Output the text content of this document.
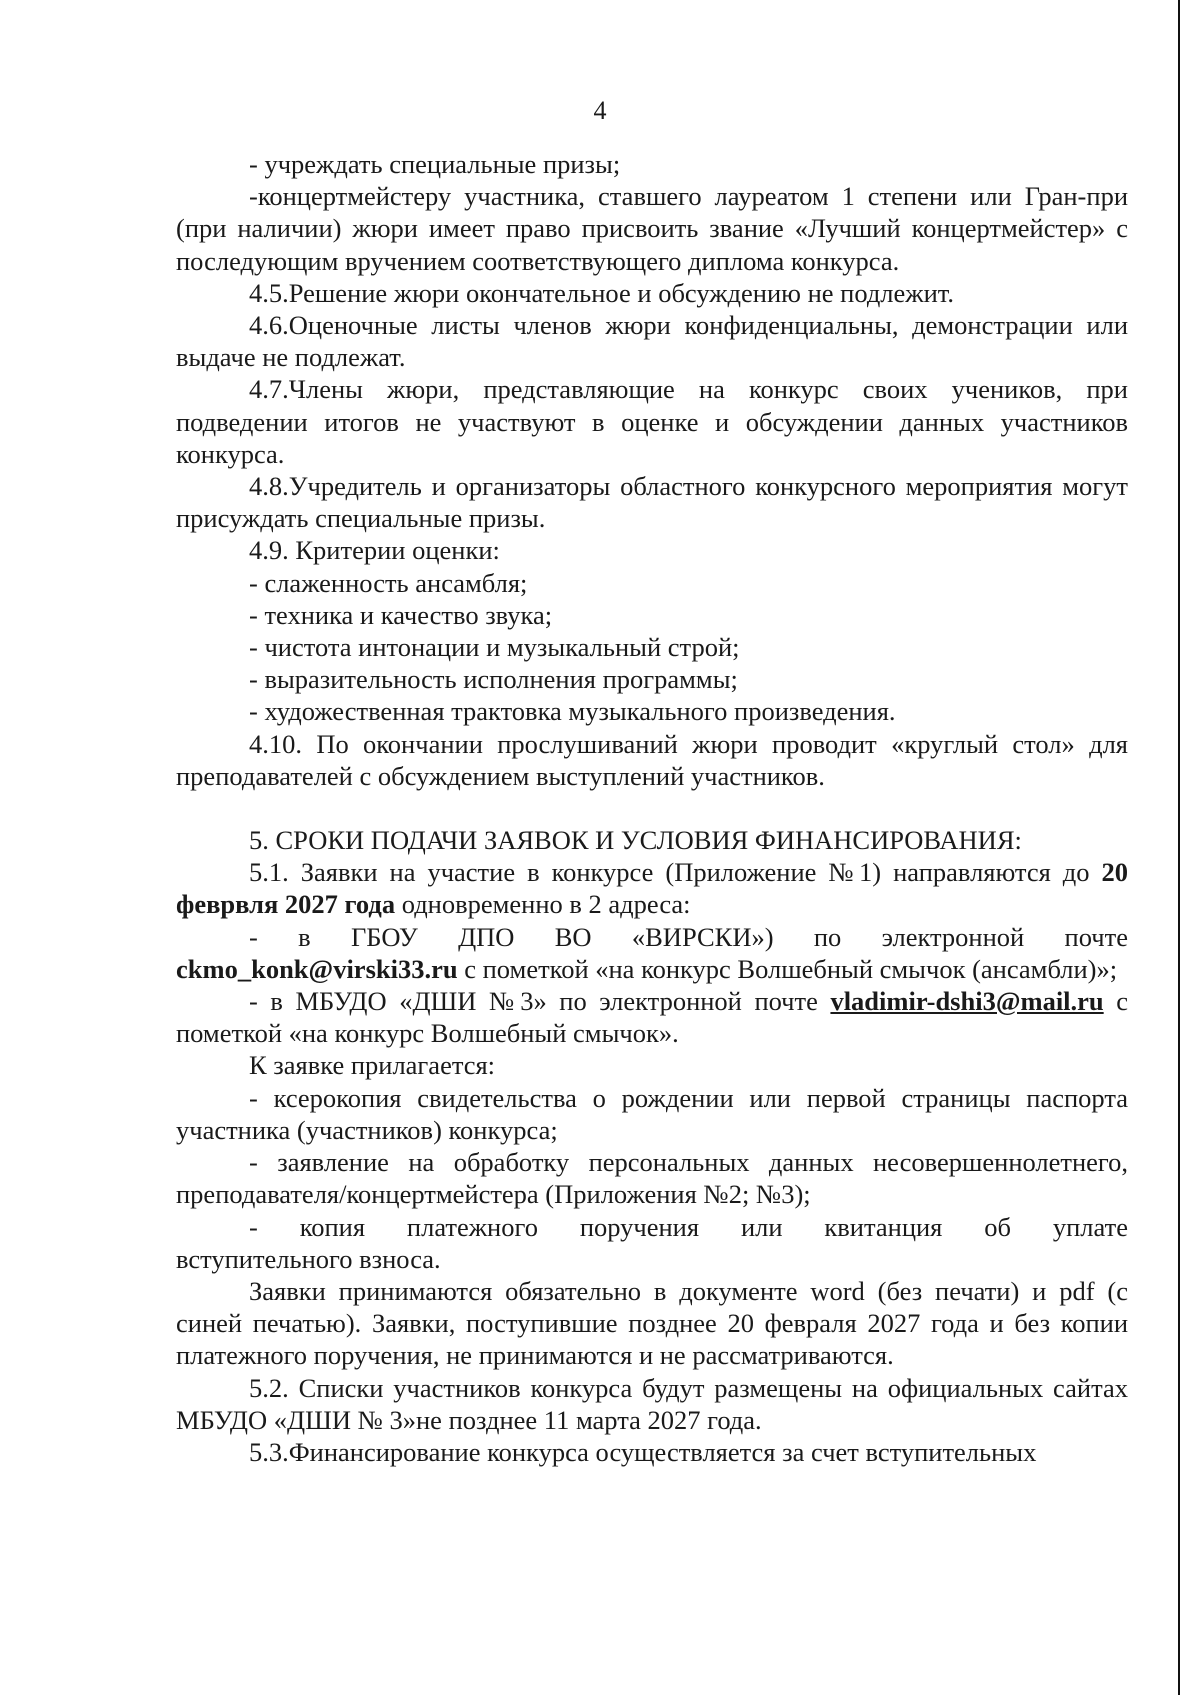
4

- учреждать специальные призы;

-концертмейстеру участника, ставшего лауреатом 1 степени или Гран-при (при наличии) жюри имеет право присвоить звание «Лучший концертмейстер» с последующим вручением соответствующего диплома конкурса.

4.5.Решение жюри окончательное и обсуждению не подлежит.

4.6.Оценочные листы членов жюри конфиденциальны, демонстрации или выдаче не подлежат.

4.7.Члены жюри, представляющие на конкурс своих учеников, при подведении итогов не участвуют в оценке и обсуждении данных участников конкурса.

4.8.Учредитель и организаторы областного конкурсного мероприятия могут присуждать специальные призы.

4.9. Критерии оценки:

- слаженность ансамбля;

- техника и качество звука;

- чистота интонации и музыкальный строй;

- выразительность исполнения программы;

- художественная трактовка музыкального произведения.

4.10. По окончании прослушиваний жюри проводит «круглый стол» для преподавателей с обсуждением выступлений участников.

5. СРОКИ ПОДАЧИ ЗАЯВОК И УСЛОВИЯ ФИНАНСИРОВАНИЯ:

5.1. Заявки на участие в конкурсе (Приложение №1) направляются до 20 феврвля 2027 года одновременно в 2 адреса:

- в ГБОУ ДПО ВО «ВИРСКИ») по электронной почте

ckmo_konk@virski33.ru с пометкой «на конкурс Волшебный смычок (ансамбли)»;

- в МБУДО «ДШИ №3» по электронной почте vladimir-dshi3@mail.ru с пометкой «на конкурс Волшебный смычок».

К заявке прилагается:

- ксерокопия свидетельства о рождении или первой страницы паспорта участника (участников) конкурса;

- заявление на обработку персональных данных несовершеннолетнего, преподавателя/концертмейстера (Приложения №2; №3);

- копия платежного поручения или квитанция об уплате

вступительного взноса.

Заявки принимаются обязательно в документе word (без печати) и pdf (с синей печатью). Заявки, поступившие позднее 20 февраля 2027 года и без копии платежного поручения, не принимаются и не рассматриваются.

5.2. Списки участников конкурса будут размещены на официальных сайтах МБУДО «ДШИ № 3»не позднее 11 марта 2027 года.

5.3.Финансирование конкурса осуществляется за счет вступительных
